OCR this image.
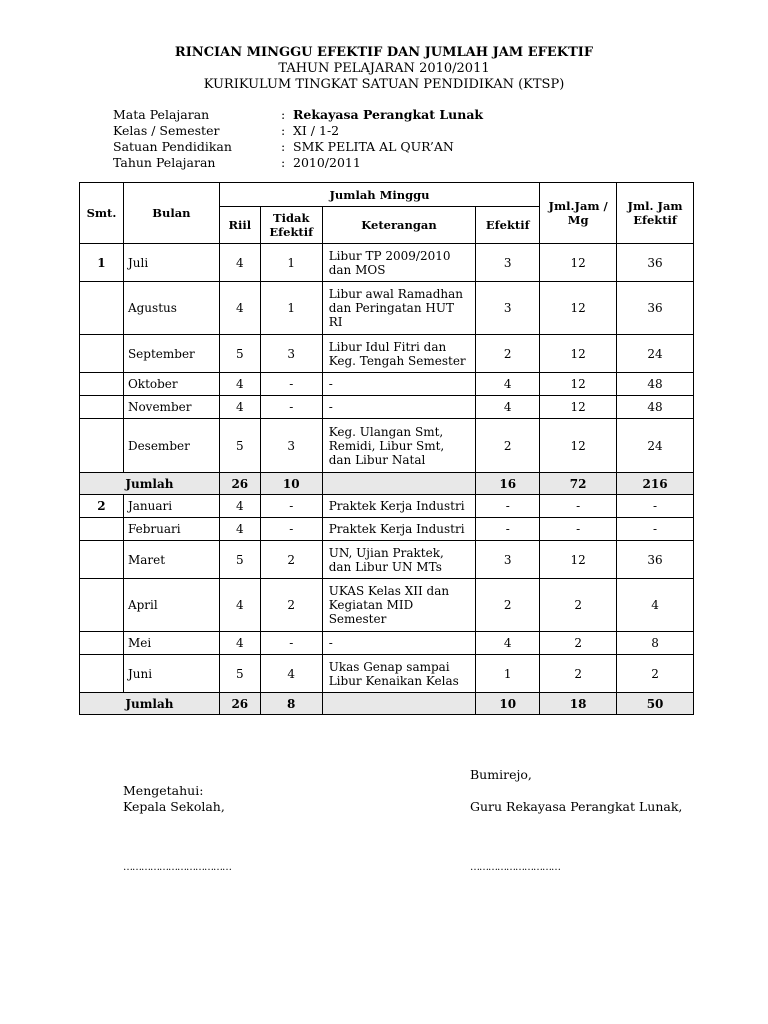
RINCIAN MINGGU EFEKTIF DAN JUMLAH JAM EFEKTIF
TAHUN PELAJARAN 2010/2011
KURIKULUM TINGKAT SATUAN PENDIDIKAN (KTSP)
Mata Pelajaran	: Rekayasa Perangkat Lunak
Kelas / Semester	: XI / 1-2
Satuan Pendidikan	: SMK PELITA AL QUR’AN
Tahun Pelajaran	: 2010/2011
Smt.	Bulan	Jumlah Minggu				Jml.Jam / Mg	Jml. Jam Efektif
		Riil	Tidak Efektif	Keterangan	Efektif		
1	Juli	4	1	Libur TP 2009/2010 dan MOS	3	12	36
	Agustus	4	1	Libur awal Ramadhan dan Peringatan HUT RI	3	12	36
	September	5	3	Libur Idul Fitri dan Keg. Tengah Semester	2	12	24
	Oktober	4	-	-	4	12	48
	November	4	-	-	4	12	48
	Desember	5	3	Keg. Ulangan Smt, Remidi, Libur Smt, dan Libur Natal	2	12	24
Jumlah		26	10		16	72	216
2	Januari	4	-	Praktek Kerja Industri	-	-	-
	Februari	4	-	Praktek Kerja Industri	-	-	-
	Maret	5	2	UN, Ujian Praktek, dan Libur UN MTs	3	12	36
	April	4	2	UKAS Kelas XII dan Kegiatan MID Semester	2	2	4
	Mei	4	-	-	4	2	8
	Juni	5	4	Ukas Genap sampai Libur Kenaikan Kelas	1	2	2
Jumlah		26	8		10	18	50
Bumirejo,
Mengetahui:
Kepala Sekolah,	Guru Rekayasa Perangkat Lunak,
………………………………	…………………………
